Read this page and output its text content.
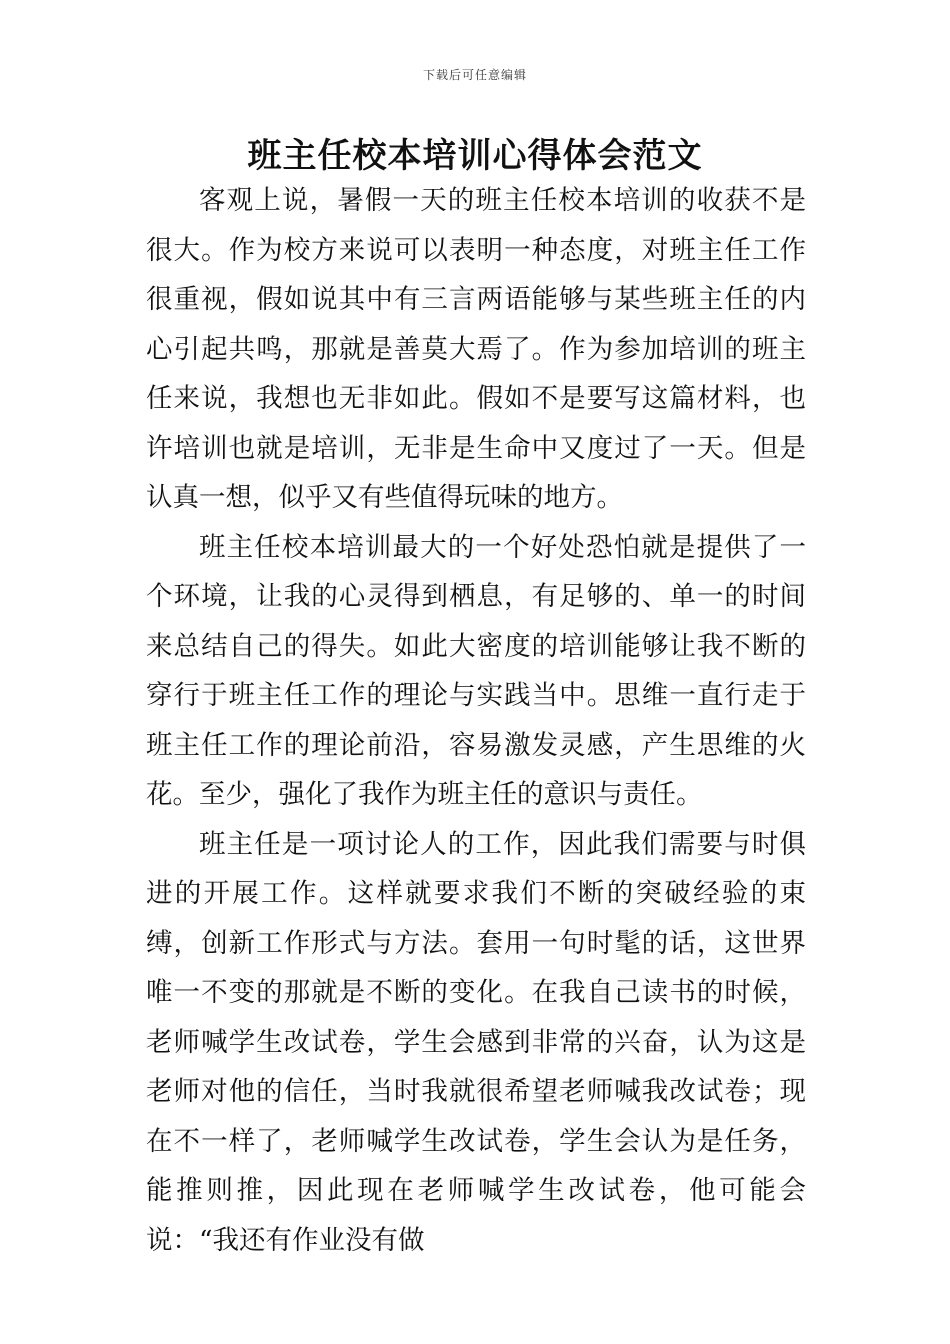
下载后可任意编辑
班主任校本培训心得体会范文

客观上说，暑假一天的班主任校本培训的收获不是很大。作为校方来说可以表明一种态度，对班主任工作很重视，假如说其中有三言两语能够与某些班主任的内心引起共鸣，那就是善莫大焉了。作为参加培训的班主任来说，我想也无非如此。假如不是要写这篇材料，也许培训也就是培训，无非是生命中又度过了一天。但是认真一想，似乎又有些值得玩味的地方。

班主任校本培训最大的一个好处恐怕就是提供了一个环境，让我的心灵得到栖息，有足够的、单一的时间来总结自己的得失。如此大密度的培训能够让我不断的穿行于班主任工作的理论与实践当中。思维一直行走于班主任工作的理论前沿，容易激发灵感，产生思维的火花。至少，强化了我作为班主任的意识与责任。

班主任是一项讨论人的工作，因此我们需要与时俱进的开展工作。这样就要求我们不断的突破经验的束缚，创新工作形式与方法。套用一句时髦的话，这世界唯一不变的那就是不断的变化。在我自己读书的时候，老师喊学生改试卷，学生会感到非常的兴奋，认为这是老师对他的信任，当时我就很希望老师喊我改试卷；现在不一样了，老师喊学生改试卷，学生会认为是任务，能推则推，因此现在老师喊学生改试卷，他可能会说：“我还有作业没有做
